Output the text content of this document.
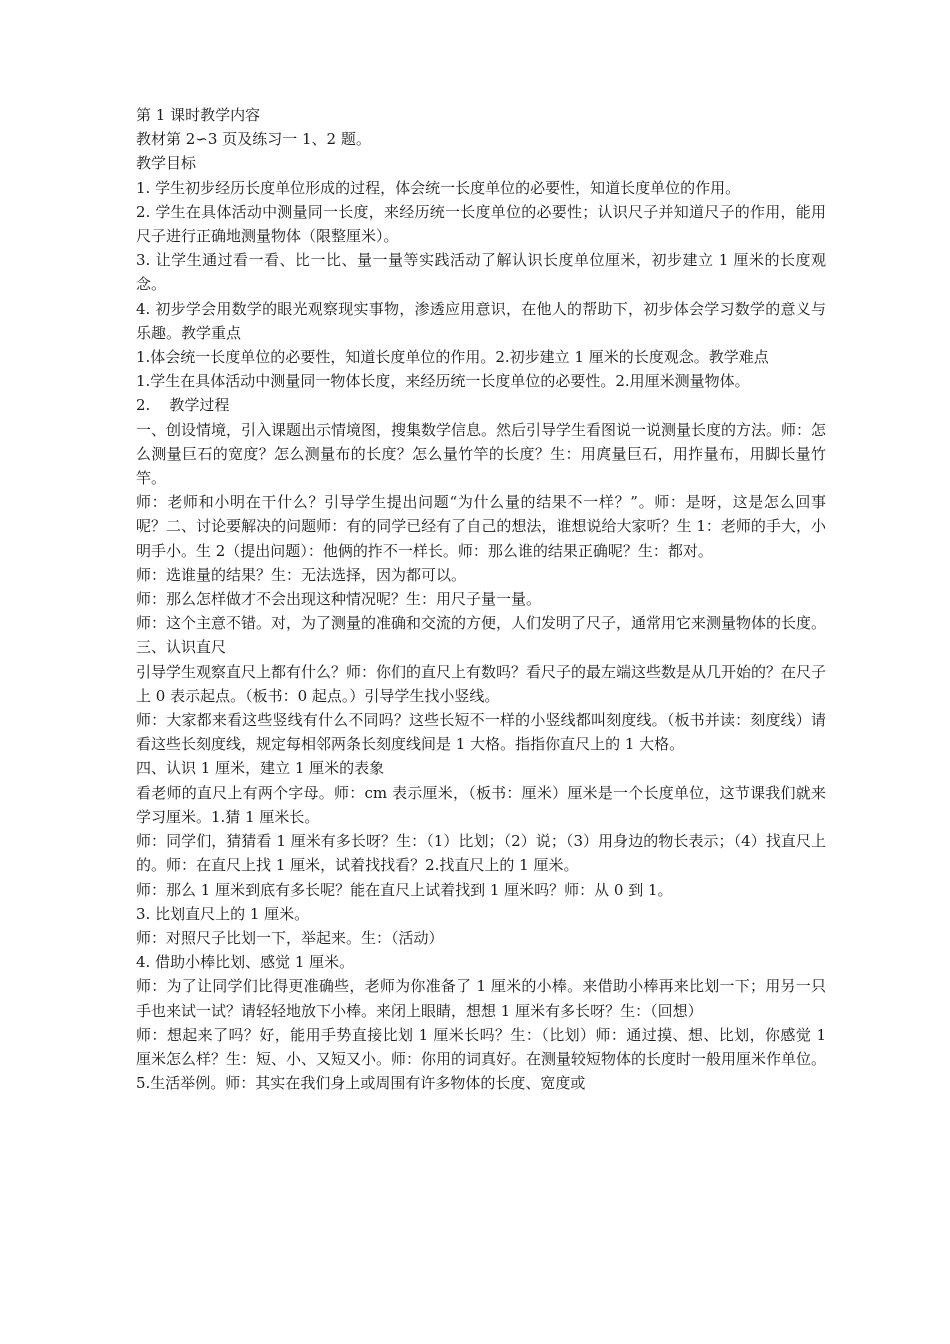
第 1 课时教学内容

教材第 2∽3 页及练习一 1、2 题。

教学目标

1. 学生初步经历长度单位形成的过程，体会统一长度单位的必要性，知道长度单位的作用。

2. 学生在具体活动中测量同一长度，来经历统一长度单位的必要性；认识尺子并知道尺子的作用，能用尺子进行正确地测量物体（限整厘米）。

3. 让学生通过看一看、比一比、量一量等实践活动了解认识长度单位厘米，初步建立 1 厘米的长度观念。

4. 初步学会用数学的眼光观察现实事物，渗透应用意识，在他人的帮助下，初步体会学习数学的意义与乐趣。教学重点

1.体会统一长度单位的必要性，知道长度单位的作用。2.初步建立 1 厘米的长度观念。教学难点

1.学生在具体活动中测量同一物体长度，来经历统一长度单位的必要性。2.用厘米测量物体。

2.    教学过程

一、创设情境，引入课题出示情境图，搜集数学信息。然后引导学生看图说一说测量长度的方法。师：怎么测量巨石的宽度？怎么测量布的长度？怎么量竹竿的长度？生：用庹量巨石，用拃量布，用脚长量竹竿。

师：老师和小明在干什么？引导学生提出问题“为什么量的结果不一样？”。师：是呀，这是怎么回事呢？二、讨论要解决的问题师：有的同学已经有了自己的想法，谁想说给大家听？生 1：老师的手大，小明手小。生 2（提出问题）：他俩的拃不一样长。师：那么谁的结果正确呢？生：都对。

师：选谁量的结果？生：无法选择，因为都可以。

师：那么怎样做才不会出现这种情况呢？生：用尺子量一量。

师：这个主意不错。对，为了测量的准确和交流的方便，人们发明了尺子，通常用它来测量物体的长度。三、认识直尺

引导学生观察直尺上都有什么？师：你们的直尺上有数吗？看尺子的最左端这些数是从几开始的？在尺子上 0 表示起点。（板书：0 起点。）引导学生找小竖线。

师：大家都来看这些竖线有什么不同吗？这些长短不一样的小竖线都叫刻度线。（板书并读：刻度线）请看这些长刻度线，规定每相邻两条长刻度线间是 1 大格。指指你直尺上的 1 大格。

四、认识 1 厘米，建立 1 厘米的表象

看老师的直尺上有两个字母。师：cm 表示厘米，（板书：厘米）厘米是一个长度单位，这节课我们就来学习厘米。1.猜 1 厘米长。

师：同学们，猜猜看 1 厘米有多长呀？生：（1）比划；（2）说；（3）用身边的物长表示；（4）找直尺上的。师：在直尺上找 1 厘米，试着找找看？2.找直尺上的 1 厘米。

师：那么 1 厘米到底有多长呢？能在直尺上试着找到 1 厘米吗？师：从 0 到 1。

3. 比划直尺上的 1 厘米。

师：对照尺子比划一下，举起来。生：（活动）

4. 借助小棒比划、感觉 1 厘米。

师：为了让同学们比得更准确些，老师为你准备了 1 厘米的小棒。来借助小棒再来比划一下；用另一只手也来试一试？请轻轻地放下小棒。来闭上眼睛，想想 1 厘米有多长呀？生：（回想）

师：想起来了吗？好，能用手势直接比划 1 厘米长吗？生：（比划）师：通过摸、想、比划，你感觉 1 厘米怎么样？生：短、小、又短又小。师：你用的词真好。在测量较短物体的长度时一般用厘米作单位。5.生活举例。师：其实在我们身上或周围有许多物体的长度、宽度或
